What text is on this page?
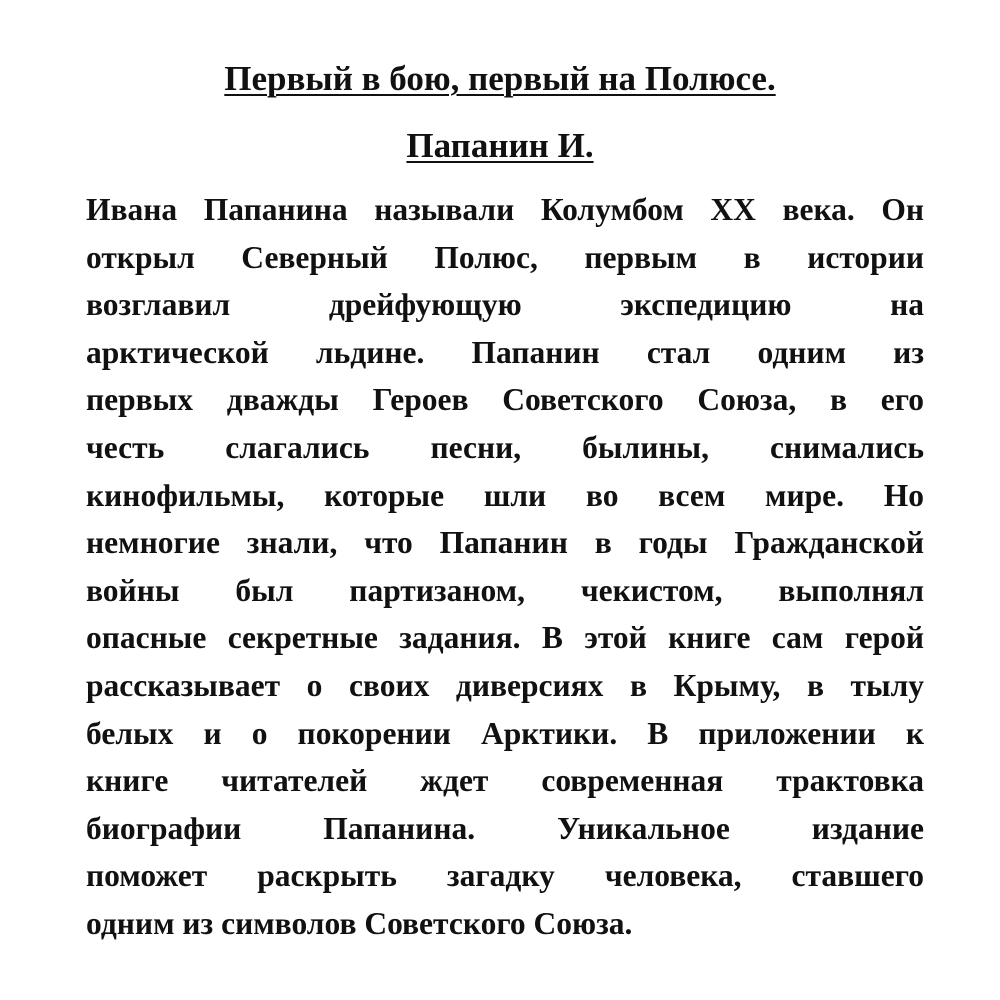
Первый в бою, первый на Полюсе.
Папанин И.
Ивана Папанина называли Колумбом XX века. Он
открыл Северный Полюс, первым в истории
возглавил дрейфующую экспедицию на
арктической льдине. Папанин стал одним из
первых дважды Героев Советского Союза, в его
честь слагались песни, былины, снимались
кинофильмы, которые шли во всем мире. Но
немногие знали, что Папанин в годы Гражданской
войны был партизаном, чекистом, выполнял
опасные секретные задания. В этой книге сам герой
рассказывает о своих диверсиях в Крыму, в тылу
белых и о покорении Арктики. В приложении к
книге читателей ждет современная трактовка
биографии Папанина. Уникальное издание
поможет раскрыть загадку человека, ставшего
одним из символов Советского Союза.
